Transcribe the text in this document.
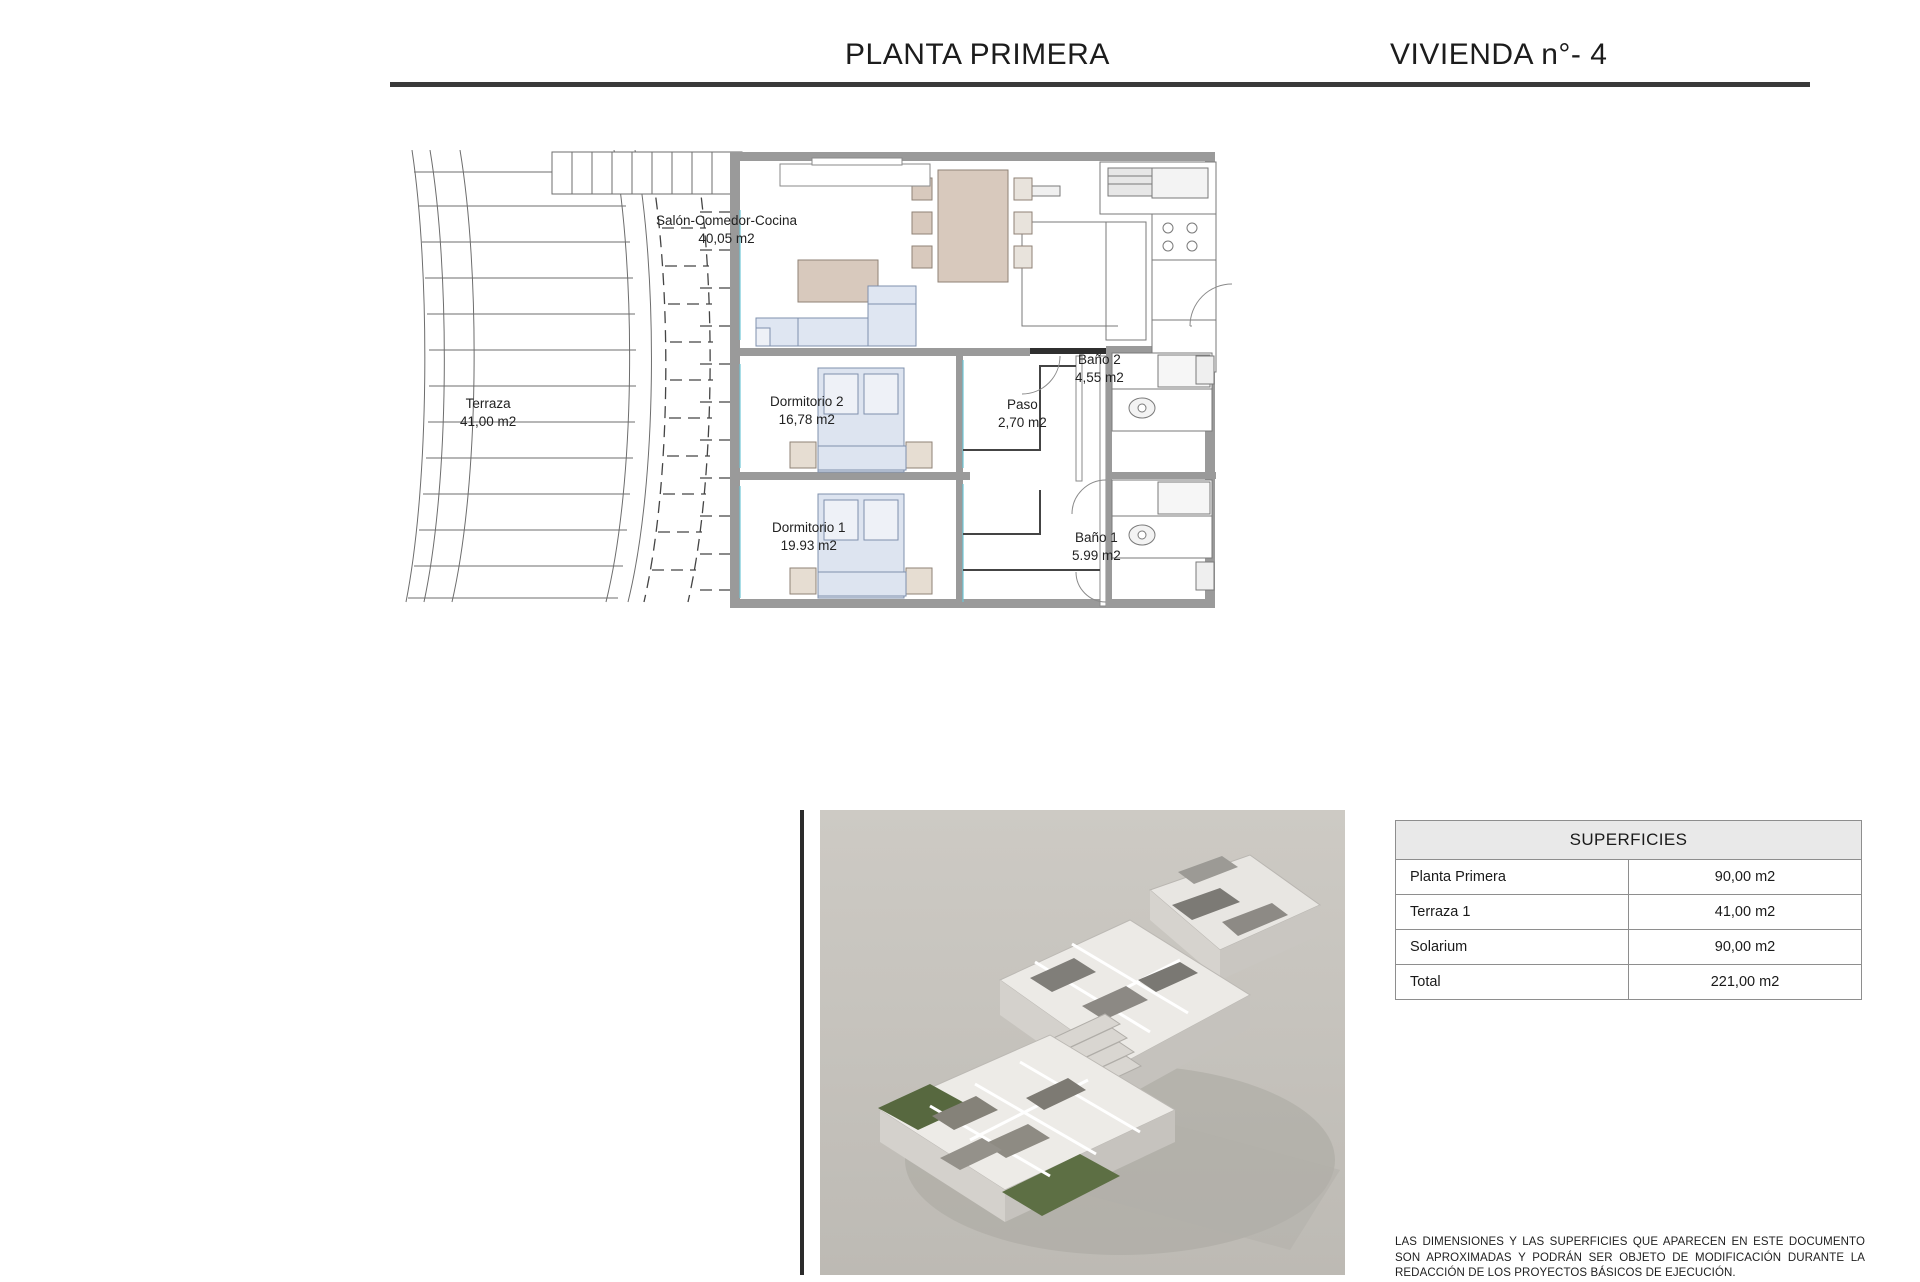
PLANTA PRIMERA	VIVIENDA n°- 4
Salón-Comedor-Cocina
40,05 m2
Terraza
41,00 m2
Dormitorio 2
16,78 m2
Dormitorio 1
19.93 m2
Paso
2,70 m2
Baño 2
4,55 m2
Baño 1
5.99 m2
SUPERFICIES
Planta Primera	90,00 m2
Terraza 1	41,00 m2
Solarium	90,00 m2
Total	221,00 m2
LAS DIMENSIONES Y LAS SUPERFICIES QUE APARECEN EN ESTE DOCUMENTO SON APROXIMADAS Y PODRÁN SER OBJETO DE MODIFICACIÓN DURANTE LA REDACCIÓN DE LOS PROYECTOS BÁSICOS DE EJECUCIÓN.
